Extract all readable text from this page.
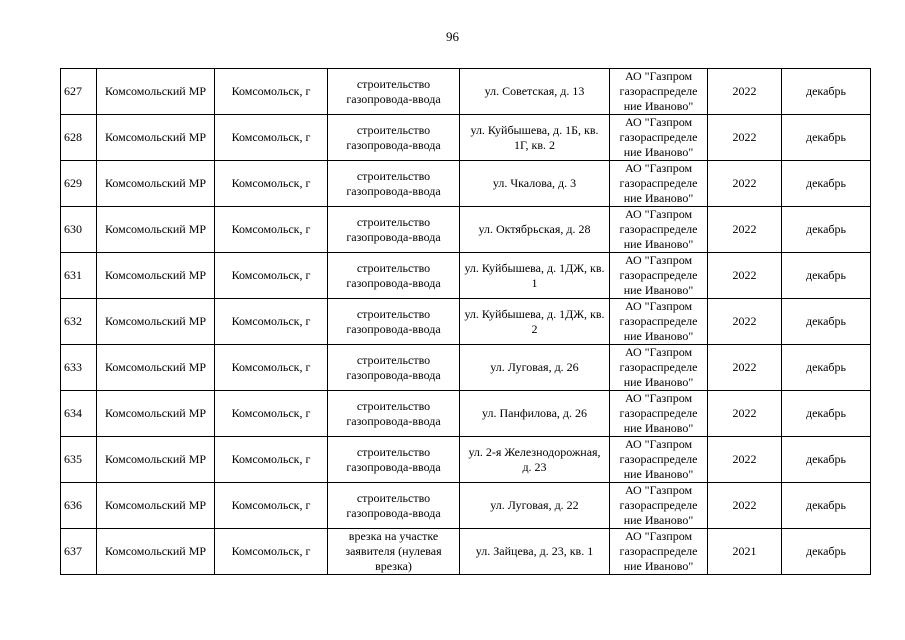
96
627	Комсомольский МР	Комсомольск, г	строительство газопровода-ввода	ул. Советская, д. 13	АО "Газпром газораспределе ние Иваново"	2022	декабрь
628	Комсомольский МР	Комсомольск, г	строительство газопровода-ввода	ул. Куйбышева, д. 1Б, кв. 1Г, кв. 2	АО "Газпром газораспределе ние Иваново"	2022	декабрь
629	Комсомольский МР	Комсомольск, г	строительство газопровода-ввода	ул. Чкалова, д. 3	АО "Газпром газораспределе ние Иваново"	2022	декабрь
630	Комсомольский МР	Комсомольск, г	строительство газопровода-ввода	ул. Октябрьская, д. 28	АО "Газпром газораспределе ние Иваново"	2022	декабрь
631	Комсомольский МР	Комсомольск, г	строительство газопровода-ввода	ул. Куйбышева, д. 1ДЖ, кв. 1	АО "Газпром газораспределе ние Иваново"	2022	декабрь
632	Комсомольский МР	Комсомольск, г	строительство газопровода-ввода	ул. Куйбышева, д. 1ДЖ, кв. 2	АО "Газпром газораспределе ние Иваново"	2022	декабрь
633	Комсомольский МР	Комсомольск, г	строительство газопровода-ввода	ул. Луговая, д. 26	АО "Газпром газораспределе ние Иваново"	2022	декабрь
634	Комсомольский МР	Комсомольск, г	строительство газопровода-ввода	ул. Панфилова, д. 26	АО "Газпром газораспределе ние Иваново"	2022	декабрь
635	Комсомольский МР	Комсомольск, г	строительство газопровода-ввода	ул. 2-я Железнодорожная, д. 23	АО "Газпром газораспределе ние Иваново"	2022	декабрь
636	Комсомольский МР	Комсомольск, г	строительство газопровода-ввода	ул. Луговая, д. 22	АО "Газпром газораспределе ние Иваново"	2022	декабрь
637	Комсомольский МР	Комсомольск, г	врезка на участке заявителя (нулевая врезка)	ул. Зайцева, д. 23, кв. 1	АО "Газпром газораспределе ние Иваново"	2021	декабрь
